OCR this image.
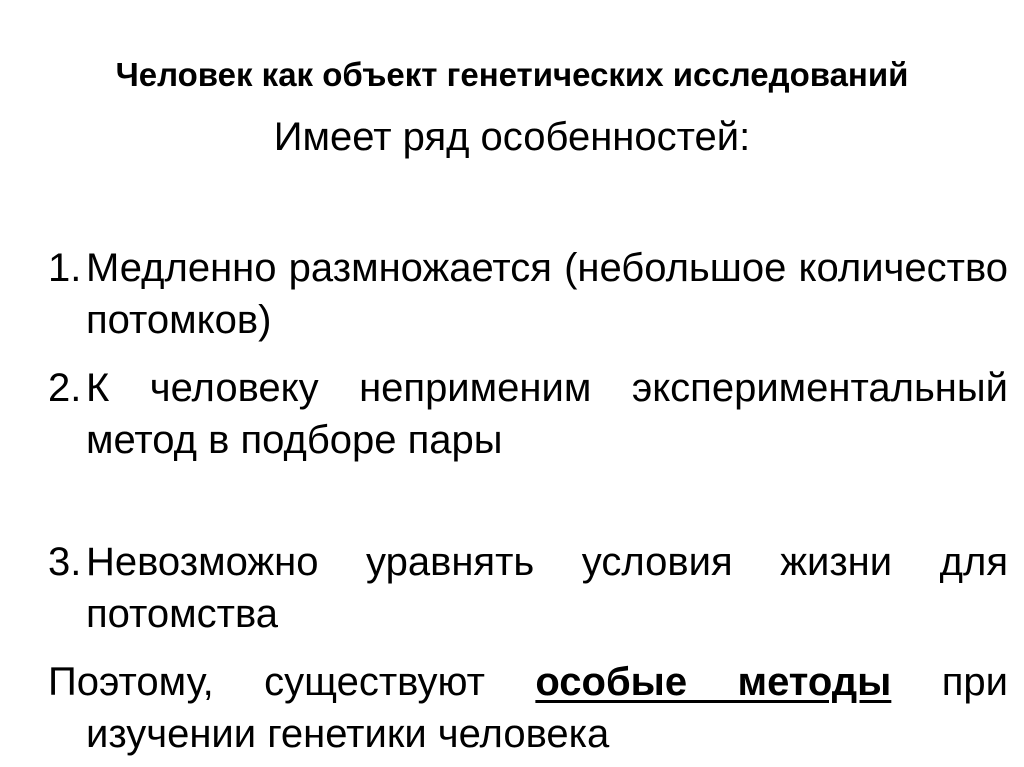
Человек как объект генетических исследований

Имеет ряд особенностей:

1. Медленно размножается (небольшое количество потомков)

2. К человеку неприменим экспериментальный метод в подборе пары

3. Невозможно уравнять условия жизни для потомства

Поэтому, существуют особые методы при изучении генетики человека
